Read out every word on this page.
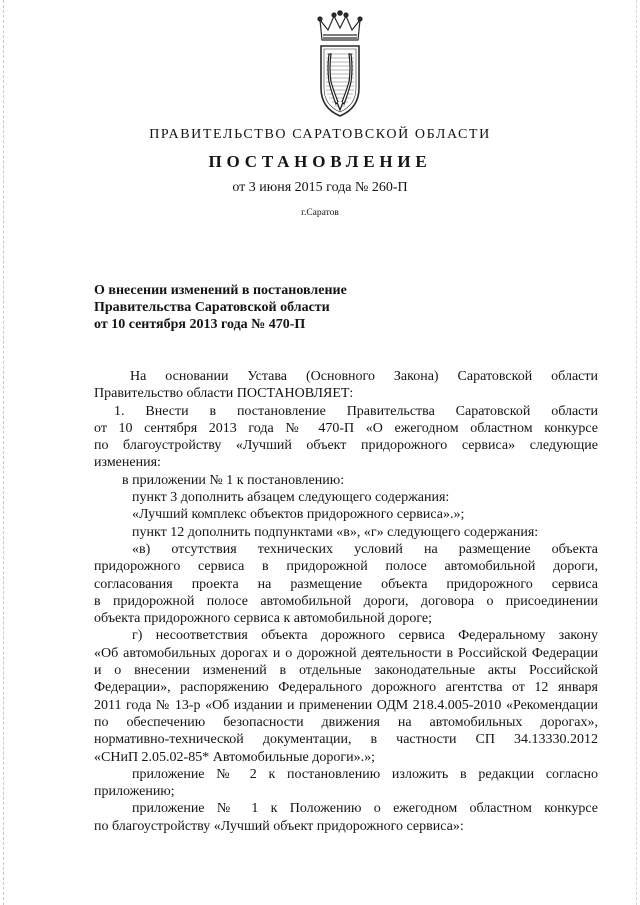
ПРАВИТЕЛЬСТВО САРАТОВСКОЙ ОБЛАСТИ
ПОСТАНОВЛЕНИЕ
от 3 июня 2015 года № 260-П
г.Саратов
О внесении изменений в постановление
Правительства Саратовской области
от 10 сентября 2013 года № 470-П
На основании Устава (Основного Закона) Саратовской области
Правительство области ПОСТАНОВЛЯЕТ:
1. Внести в постановление Правительства Саратовской области
от 10 сентября 2013 года № 470-П «О ежегодном областном конкурсе
по благоустройству «Лучший объект придорожного сервиса» следующие
изменения:
в приложении № 1 к постановлению:
пункт 3 дополнить абзацем следующего содержания:
«Лучший комплекс объектов придорожного сервиса».»;
пункт 12 дополнить подпунктами «в», «г» следующего содержания:
«в) отсутствия технических условий на размещение объекта
придорожного сервиса в придорожной полосе автомобильной дороги,
согласования проекта на размещение объекта придорожного сервиса
в придорожной полосе автомобильной дороги, договора о присоединении
объекта придорожного сервиса к автомобильной дороге;
г) несоответствия объекта дорожного сервиса Федеральному закону
«Об автомобильных дорогах и о дорожной деятельности в Российской Федерации
и о внесении изменений в отдельные законодательные акты Российской
Федерации», распоряжению Федерального дорожного агентства от 12 января
2011 года № 13-р «Об издании и применении ОДМ 218.4.005-2010 «Рекомендации
по обеспечению безопасности движения на автомобильных дорогах»,
нормативно-технической документации, в частности СП 34.13330.2012
«СНиП 2.05.02-85* Автомобильные дороги».»;
приложение № 2 к постановлению изложить в редакции согласно
приложению;
приложение № 1 к Положению о ежегодном областном конкурсе
по благоустройству «Лучший объект придорожного сервиса»:
